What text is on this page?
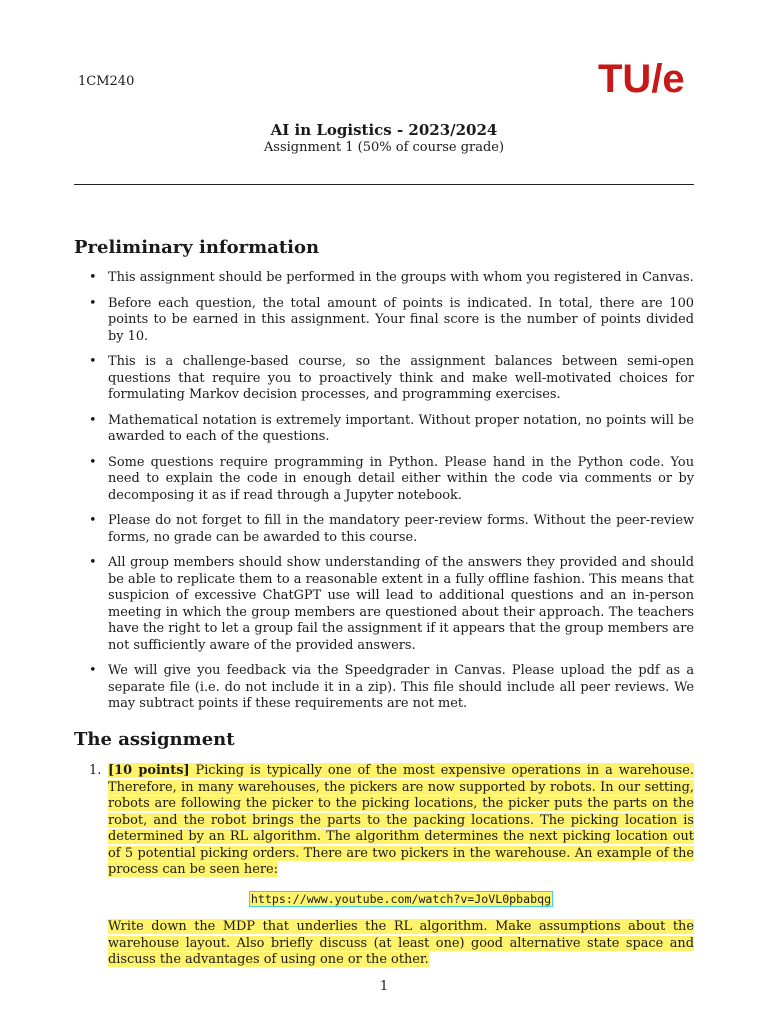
1CM240	TU/e
AI in Logistics - 2023/2024
Assignment 1 (50% of course grade)
Preliminary information
• This assignment should be performed in the groups with whom you registered in Canvas.
• Before each question, the total amount of points is indicated. In total, there are 100 points to be earned in this assignment. Your final score is the number of points divided by 10.
• This is a challenge-based course, so the assignment balances between semi-open questions that require you to proactively think and make well-motivated choices for formulating Markov decision processes, and programming exercises.
• Mathematical notation is extremely important. Without proper notation, no points will be awarded to each of the questions.
• Some questions require programming in Python. Please hand in the Python code. You need to explain the code in enough detail either within the code via comments or by decomposing it as if read through a Jupyter notebook.
• Please do not forget to fill in the mandatory peer-review forms. Without the peer-review forms, no grade can be awarded to this course.
• All group members should show understanding of the answers they provided and should be able to replicate them to a reasonable extent in a fully offline fashion. This means that suspicion of excessive ChatGPT use will lead to additional questions and an in-person meeting in which the group members are questioned about their approach. The teachers have the right to let a group fail the assignment if it appears that the group members are not sufficiently aware of the provided answers.
• We will give you feedback via the Speedgrader in Canvas. Please upload the pdf as a separate file (i.e. do not include it in a zip). This file should include all peer reviews. We may subtract points if these requirements are not met.
The assignment
1. [10 points] Picking is typically one of the most expensive operations in a warehouse. Therefore, in many warehouses, the pickers are now supported by robots. In our setting, robots are following the picker to the picking locations, the picker puts the parts on the robot, and the robot brings the parts to the packing locations. The picking location is determined by an RL algorithm. The algorithm determines the next picking location out of 5 potential picking orders. There are two pickers in the warehouse. An example of the process can be seen here:
https://www.youtube.com/watch?v=JoVL0pbabqg
Write down the MDP that underlies the RL algorithm. Make assumptions about the warehouse layout. Also briefly discuss (at least one) good alternative state space and discuss the advantages of using one or the other.
1
